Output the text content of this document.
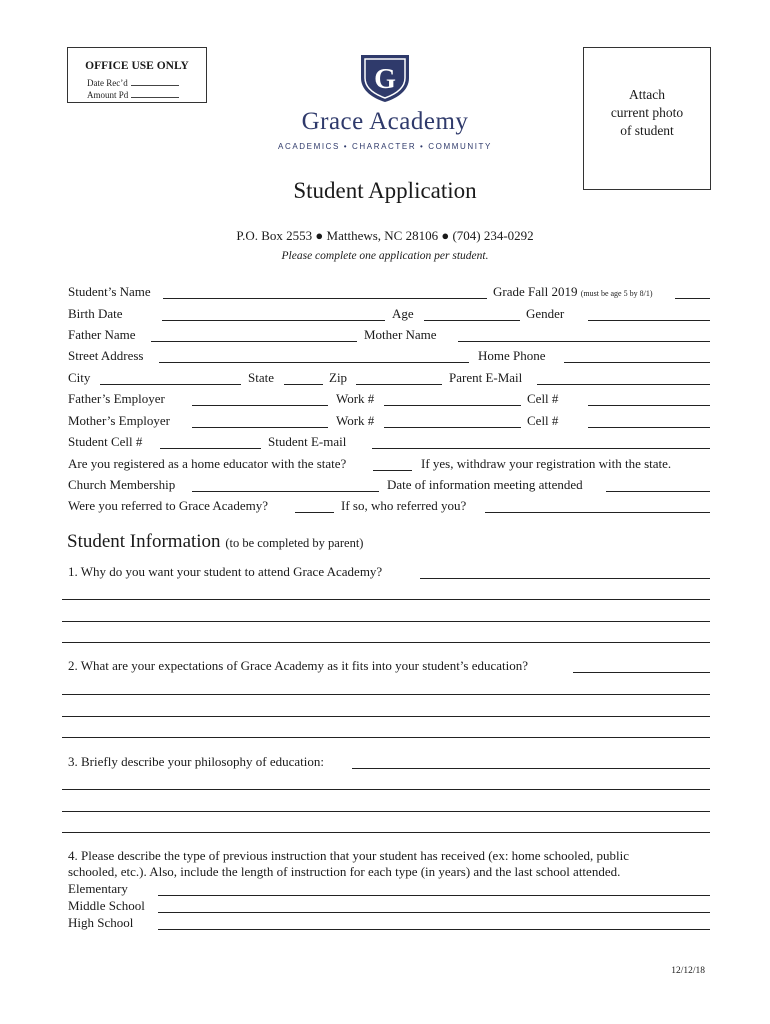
OFFICE USE ONLY
Date Rec’d
Amount Pd	G
Grace Academy
ACADEMICS • CHARACTER • COMMUNITY
Attach
current photo
of student
Student Application
P.O. Box 2553 ● Matthews, NC 28106 ● (704) 234-0292
Please complete one application per student.
Student’s Name	Grade Fall 2019 (must be age 5 by 8/1)
Birth Date	Age	Gender
Father Name	Mother Name
Street Address	Home Phone
City	State	Zip	Parent E-Mail
Father’s Employer	Work #	Cell #
Mother’s Employer	Work #	Cell #
Student Cell #	Student E-mail
Are you registered as a home educator with the state?	If yes, withdraw your registration with the state.
Church Membership	Date of information meeting attended
Were you referred to Grace Academy?	If so, who referred you?
Student Information (to be completed by parent)
1. Why do you want your student to attend Grace Academy?
2. What are your expectations of Grace Academy as it fits into your student’s education?
3. Briefly describe your philosophy of education:
4. Please describe the type of previous instruction that your student has received (ex: home schooled, public
schooled, etc.). Also, include the length of instruction for each type (in years) and the last school attended.
Elementary
Middle School
High School
12/12/18
